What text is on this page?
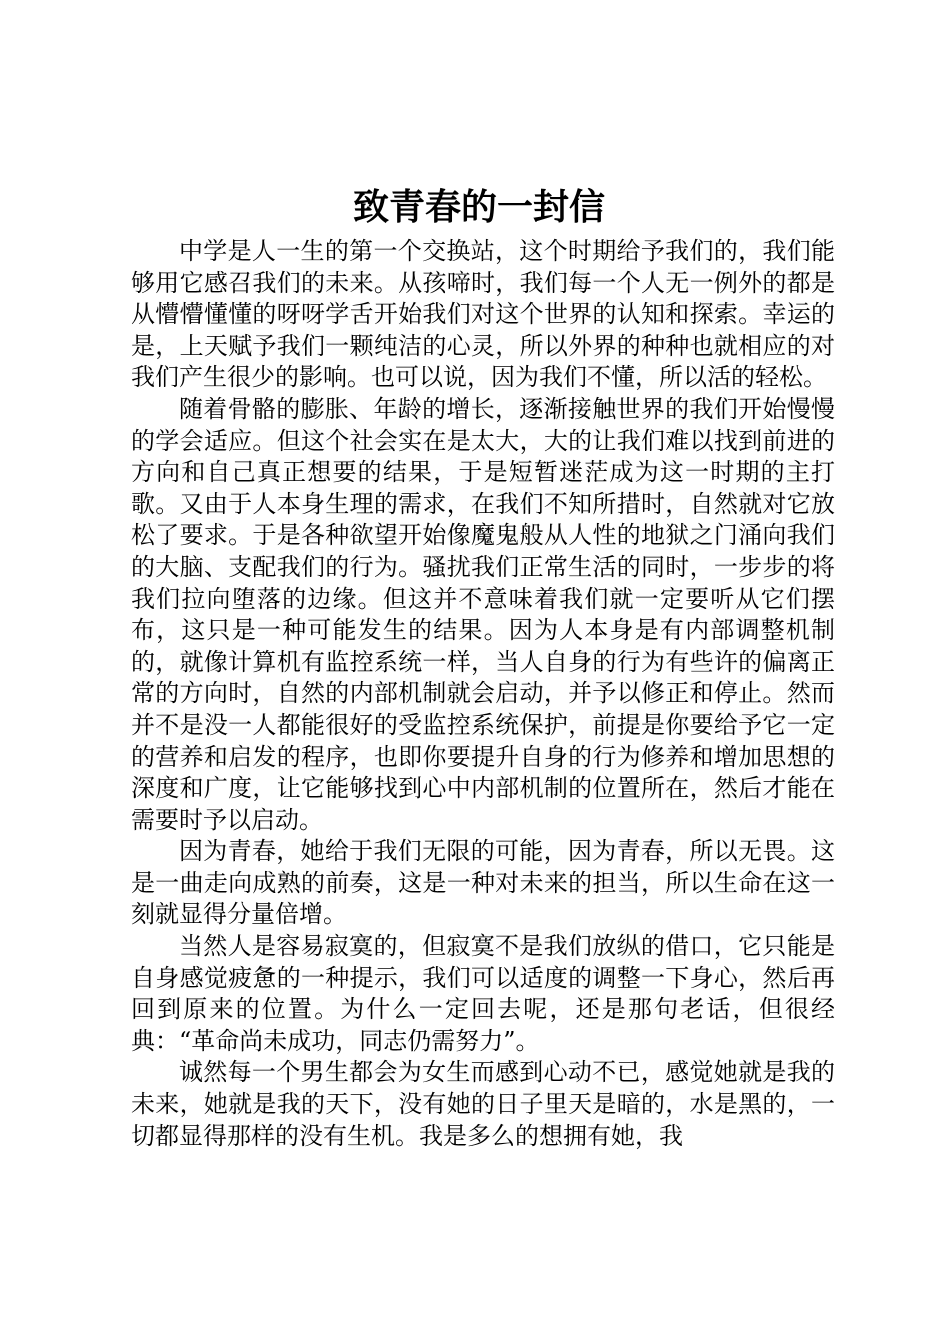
致青春的一封信

中学是人一生的第一个交换站，这个时期给予我们的，我们能够用它感召我们的未来。从孩啼时，我们每一个人无一例外的都是从懵懵懂懂的呀呀学舌开始我们对这个世界的认知和探索。幸运的是，上天赋予我们一颗纯洁的心灵，所以外界的种种也就相应的对我们产生很少的影响。也可以说，因为我们不懂，所以活的轻松。

随着骨骼的膨胀、年龄的增长，逐渐接触世界的我们开始慢慢的学会适应。但这个社会实在是太大，大的让我们难以找到前进的方向和自己真正想要的结果，于是短暂迷茫成为这一时期的主打歌。又由于人本身生理的需求，在我们不知所措时，自然就对它放松了要求。于是各种欲望开始像魔鬼般从人性的地狱之门涌向我们的大脑、支配我们的行为。骚扰我们正常生活的同时，一步步的将我们拉向堕落的边缘。但这并不意味着我们就一定要听从它们摆布，这只是一种可能发生的结果。因为人本身是有内部调整机制的，就像计算机有监控系统一样，当人自身的行为有些许的偏离正常的方向时，自然的内部机制就会启动，并予以修正和停止。然而并不是没一人都能很好的受监控系统保护，前提是你要给予它一定的营养和启发的程序，也即你要提升自身的行为修养和增加思想的深度和广度，让它能够找到心中内部机制的位置所在，然后才能在需要时予以启动。

因为青春，她给于我们无限的可能，因为青春，所以无畏。这是一曲走向成熟的前奏，这是一种对未来的担当，所以生命在这一刻就显得分量倍增。

当然人是容易寂寞的，但寂寞不是我们放纵的借口，它只能是自身感觉疲惫的一种提示，我们可以适度的调整一下身心，然后再回到原来的位置。为什么一定回去呢，还是那句老话，但很经典：“革命尚未成功，同志仍需努力”。

诚然每一个男生都会为女生而感到心动不已，感觉她就是我的未来，她就是我的天下，没有她的日子里天是暗的，水是黑的，一切都显得那样的没有生机。我是多么的想拥有她，我
